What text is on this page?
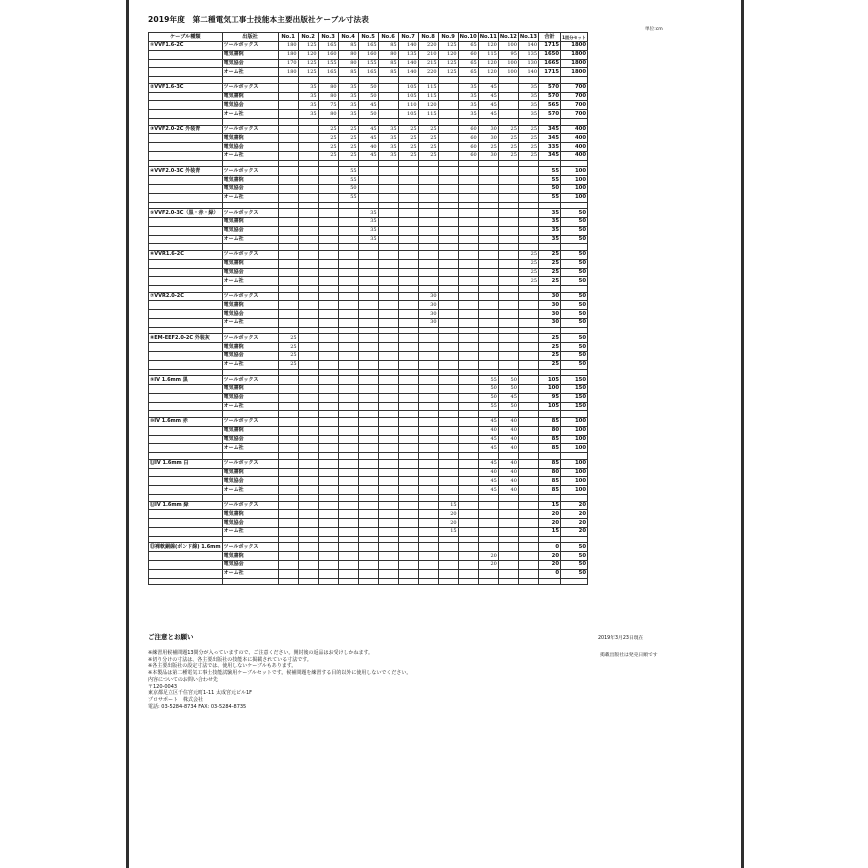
2019年度　第二種電気工事士技能本主要出版社ケーブル寸法表
単位:cm
ケーブル種類	出版社	No.1	No.2	No.3	No.4	No.5	No.6	No.7	No.8	No.9	No.10	No.11	No.12	No.13	合計	1回分セット
①VVF1.6-2C	ツールボックス	180	125	165	85	165	85	140	220	125	65	120	100	140	1715	1800
	電気書院	180	120	160	80	160	80	135	210	120	60	115	95	135	1650	1800
	電気協会	170	125	155	80	155	85	140	215	125	65	120	100	130	1665	1800
	オーム社	180	125	165	85	165	85	140	220	125	65	120	100	140	1715	1800

②VVF1.6-3C	ツールボックス		35	80	35	50		105	115		35	45		35	570	700
	電気書院		35	80	35	50		105	115		35	45		35	570	700
	電気協会		35	75	35	45		110	120		35	45		35	565	700
	オーム社		35	80	35	50		105	115		35	45		35	570	700

③VVF2.0-2C 外装青	ツールボックス			25	25	45	35	25	25		60	30	25	25	345	400
	電気書院			25	25	45	35	25	25		60	30	25	25	345	400
	電気協会			25	25	40	35	25	25		60	25	25	25	335	400
	オーム社			25	25	45	35	25	25		60	30	25	25	345	400

④VVF2.0-3C 外装青	ツールボックス				55										55	100
	電気書院				55										55	100
	電気協会				50										50	100
	オーム社				55										55	100

⑤VVF2.0-3C（黒・赤・緑）	ツールボックス					35									35	50
	電気書院					35									35	50
	電気協会					35									35	50
	オーム社					35									35	50

⑥VVR1.6-2C	ツールボックス													25	25	50
	電気書院													25	25	50
	電気協会													25	25	50
	オーム社													25	25	50

⑦VVR2.0-2C	ツールボックス								30						30	50
	電気書院								30						30	50
	電気協会								30						30	50
	オーム社								30						30	50

⑧EM-EEF2.0-2C 外装灰	ツールボックス	25													25	50
	電気書院	25													25	50
	電気協会	25													25	50
	オーム社	25													25	50

⑨IV 1.6mm 黒	ツールボックス											55	50		105	150
	電気書院											50	50		100	150
	電気協会											50	45		95	150
	オーム社											55	50		105	150

⑩IV 1.6mm 赤	ツールボックス											45	40		85	100
	電気書院											40	40		80	100
	電気協会											45	40		85	100
	オーム社											45	40		85	100

⑪IV 1.6mm 白	ツールボックス											45	40		85	100
	電気書院											40	40		80	100
	電気協会											45	40		85	100
	オーム社											45	40		85	100

⑫IV 1.6mm 緑	ツールボックス									15					15	20
	電気書院									20					20	20
	電気協会									20					20	20
	オーム社									15					15	20

⑬裸軟銅線(ボンド線) 1.6mm	ツールボックス														0	50
	電気書院											20			20	50
	電気協会											20			20	50
	オーム社														0	50

ご注意とお願い
※練習用候補問題13問分が入っていますので、ご注意ください。開封後の返品はお受けしかねます。
※切り分けの寸法は、各主要出版社の技能本に掲載されている寸法です。
※各主要出版社の設定寸法では、使用しないケーブルもあります。
※本製品は第二種電気工事士技能試験用ケーブルセットです。候補問題を練習する目的以外に使用しないでください。
内容についてのお問い合わせ先
〒120-0043
東京都足立区千住宮元町1-11 太成宮元ビル1F
プロサポート　株式会社
電話: 03-5284-8734 FAX: 03-5284-8735
2019年3月23日現在
掲載出版社は発売日順です
